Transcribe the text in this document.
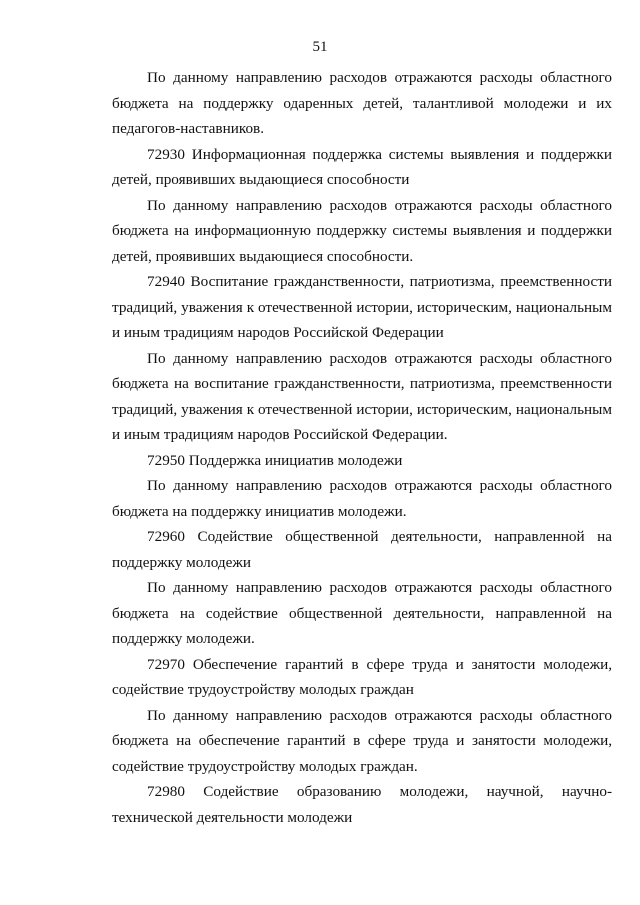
51

По данному направлению расходов отражаются расходы областного бюджета на поддержку одаренных детей, талантливой молодежи и их педагогов-наставников.

72930 Информационная поддержка системы выявления и поддержки детей, проявивших выдающиеся способности

По данному направлению расходов отражаются расходы областного бюджета на информационную поддержку системы выявления и поддержки детей, проявивших выдающиеся способности.

72940 Воспитание гражданственности, патриотизма, преемственности традиций, уважения к отечественной истории, историческим, национальным и иным традициям народов Российской Федерации

По данному направлению расходов отражаются расходы областного бюджета на воспитание гражданственности, патриотизма, преемственности традиций, уважения к отечественной истории, историческим, национальным и иным традициям народов Российской Федерации.

72950 Поддержка инициатив молодежи

По данному направлению расходов отражаются расходы областного бюджета на поддержку инициатив молодежи.

72960 Содействие общественной деятельности, направленной на поддержку молодежи

По данному направлению расходов отражаются расходы областного бюджета на содействие общественной деятельности, направленной на поддержку молодежи.

72970 Обеспечение гарантий в сфере труда и занятости молодежи, содействие трудоустройству молодых граждан

По данному направлению расходов отражаются расходы областного бюджета на обеспечение гарантий в сфере труда и занятости молодежи, содействие трудоустройству молодых граждан.

72980 Содействие образованию молодежи, научной, научно-технической деятельности молодежи
